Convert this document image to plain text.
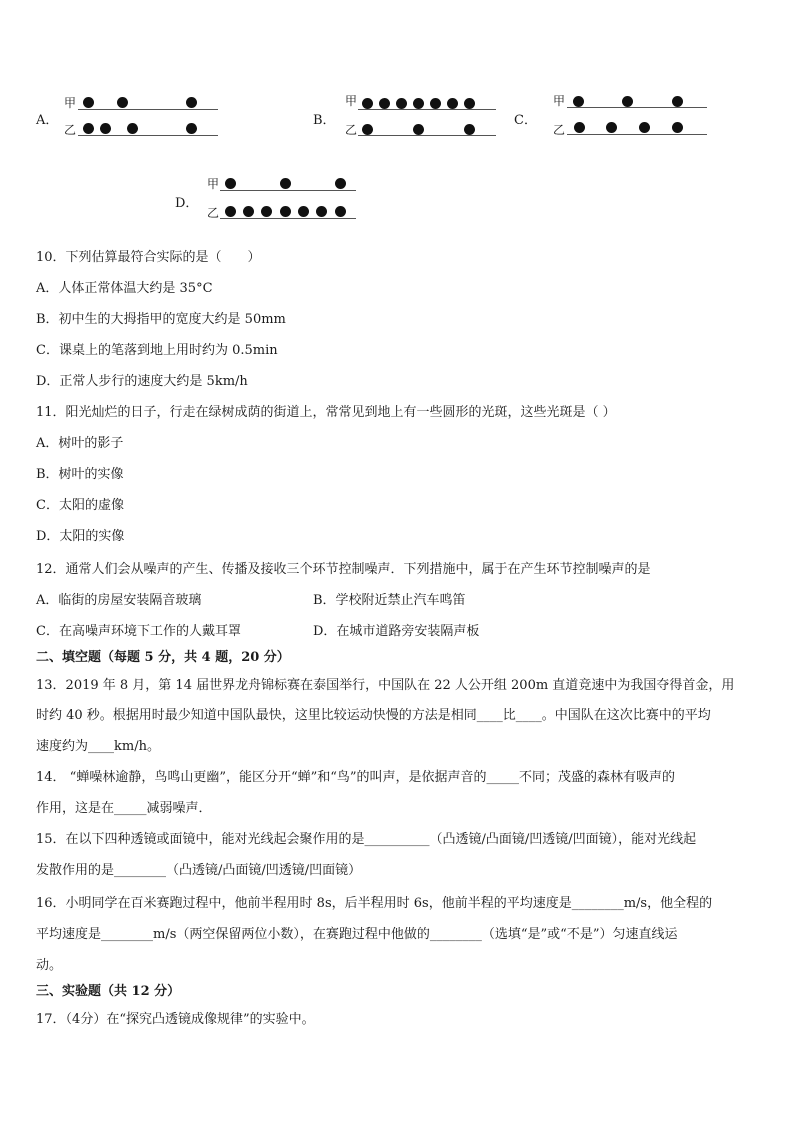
A．
甲
乙
B．
甲
乙
C．
甲
乙
D．
甲
乙
10．下列估算最符合实际的是（　　）
A．人体正常体温大约是 35°C
B．初中生的大拇指甲的宽度大约是 50mm
C．课桌上的笔落到地上用时约为 0.5min
D．正常人步行的速度大约是 5km/h
11．阳光灿烂的日子，行走在绿树成荫的街道上，常常见到地上有一些圆形的光斑，这些光斑是（ ）
A．树叶的影子
B．树叶的实像
C．太阳的虚像
D．太阳的实像
12．通常人们会从噪声的产生、传播及接收三个环节控制噪声．下列措施中，属于在产生环节控制噪声的是
A．临街的房屋安装隔音玻璃	B．学校附近禁止汽车鸣笛
C．在高噪声环境下工作的人戴耳罩	D．在城市道路旁安装隔声板
二、填空题（每题 5 分，共 4 题，20 分）
13．2019 年 8 月，第 14 届世界龙舟锦标赛在泰国举行，中国队在 22 人公开组 200m 直道竞速中为我国夺得首金，用
时约 40 秒。根据用时最少知道中国队最快，这里比较运动快慢的方法是相同____比____。中国队在这次比赛中的平均
速度约为____km/h。
14． “蝉噪林逾静，鸟鸣山更幽”，能区分开“蝉”和“鸟”的叫声，是依据声音的_____不同；茂盛的森林有吸声的
作用，这是在_____减弱噪声．
15．在以下四种透镜或面镜中，能对光线起会聚作用的是__________（凸透镜/凸面镜/凹透镜/凹面镜），能对光线起
发散作用的是________（凸透镜/凸面镜/凹透镜/凹面镜）
16．小明同学在百米赛跑过程中，他前半程用时 8s，后半程用时 6s，他前半程的平均速度是________m/s，他全程的
平均速度是________m/s（两空保留两位小数），在赛跑过程中他做的________（选填“是”或“不是”）匀速直线运
动。
三、实验题（共 12 分）
17．（4分）在“探究凸透镜成像规律”的实验中。
